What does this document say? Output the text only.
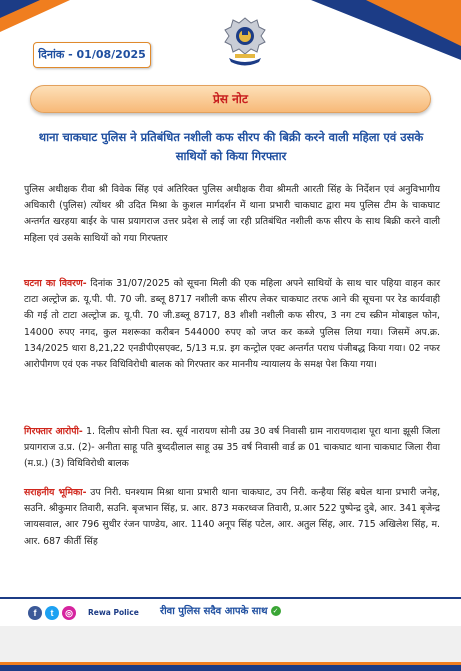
दिनांक - 01/08/2025
प्रेस नोट
थाना चाकघाट पुलिस ने प्रतिबंधित नशीली कफ सीरप की बिक्री करने वाली महिला एवं उसके साथियों को किया गिरफ्तार

पुलिस अधीक्षक रीवा श्री विवेक सिंह एवं अतिरिक्त पुलिस अधीक्षक रीवा श्रीमती आरती सिंह के निर्देशन एवं अनुविभागीय अधिकारी (पुलिस) त्योंथर श्री उदित मिश्रा के कुशल मार्गदर्शन में थाना प्रभारी चाकघाट द्वारा मय पुलिस टीम के चाकघाट अन्तर्गत खरहया बाईर के पास प्रयागराज उत्तर प्रदेश से लाई जा रही प्रतिबंधित नशीली कफ सीरप के साथ बिक्री करने वाली महिला एवं उसके साथियों को गया गिरफ्तार

घटना का विवरण- दिनांक 31/07/2025 को सूचना मिली की एक महिला अपने साथियों के साथ चार पहिया वाहन कार टाटा अल्ट्रोज क्र. यू.पी. पी. 70 जी. डब्लू 8717 नशीली कफ सीरप लेकर चाकघाट तरफ आने की सूचना पर रेड कार्यवाही की गई तो टाटा अल्ट्रोज क्र. यू.पी. 70 जी.डब्लू 8717, 83 शीशी नशीली कफ सीरप, 3 नग टच स्क्रीन मोबाइल फोन, 14000 रुपए नगद, कुल मशरूका करीबन 544000 रुपए को जप्त कर कब्जे पुलिस लिया गया। जिसमें अप.क्र. 134/2025 धारा 8,21,22 एनडीपीएसएक्ट, 5/13 म.प्र. इग कन्ट्रोल एक्ट अन्तर्गत पराध पंजीबद्ध किया गया। 02 नफर आरोपीगण एवं एक नफर विधिविरोधी बालक को गिरफ्तार कर माननीय न्यायालय के समक्ष पेश किया गया।

गिरफ्तार आरोपी- 1. दिलीप सोनी पिता स्व. सूर्य नारायण सोनी उम्र 30 वर्ष निवासी ग्राम नारायणदाश पूरा थाना झूसी जिला प्रयागराज उ.प्र. (2)- अनीता साहू पति बुध्ददीलाल साहू उम्र 35 वर्ष निवासी वार्ड क्र 01 चाकघाट थाना चाकघाट जिला रीवा (म.प्र.) (3) विधिविरोधी बालक

सराहनीय भूमिका- उप निरी. घनश्याम मिश्रा थाना प्रभारी थाना चाकघाट, उप निरी. कन्हैया सिंह बघेल थाना प्रभारी जनेह, सउनि. श्रीकुमार तिवारी, सउनि. बृजभान सिंह, प्र. आर. 873 मकरध्वज तिवारी, प्र.आर 522 पुष्पेन्द्र दुबे, आर. 341 बृजेन्द्र जायसवाल, आर 796 सुधीर रंजन पाण्डेय, आर. 1140 अनूप सिंह पटेल, आर. अतुल सिंह, आर. 715 अखिलेश सिंह, म. आर. 687 कीर्ती सिंह

f	t	◎	Rewa Police रीवा पुलिस सदैव आपके साथ ✓
